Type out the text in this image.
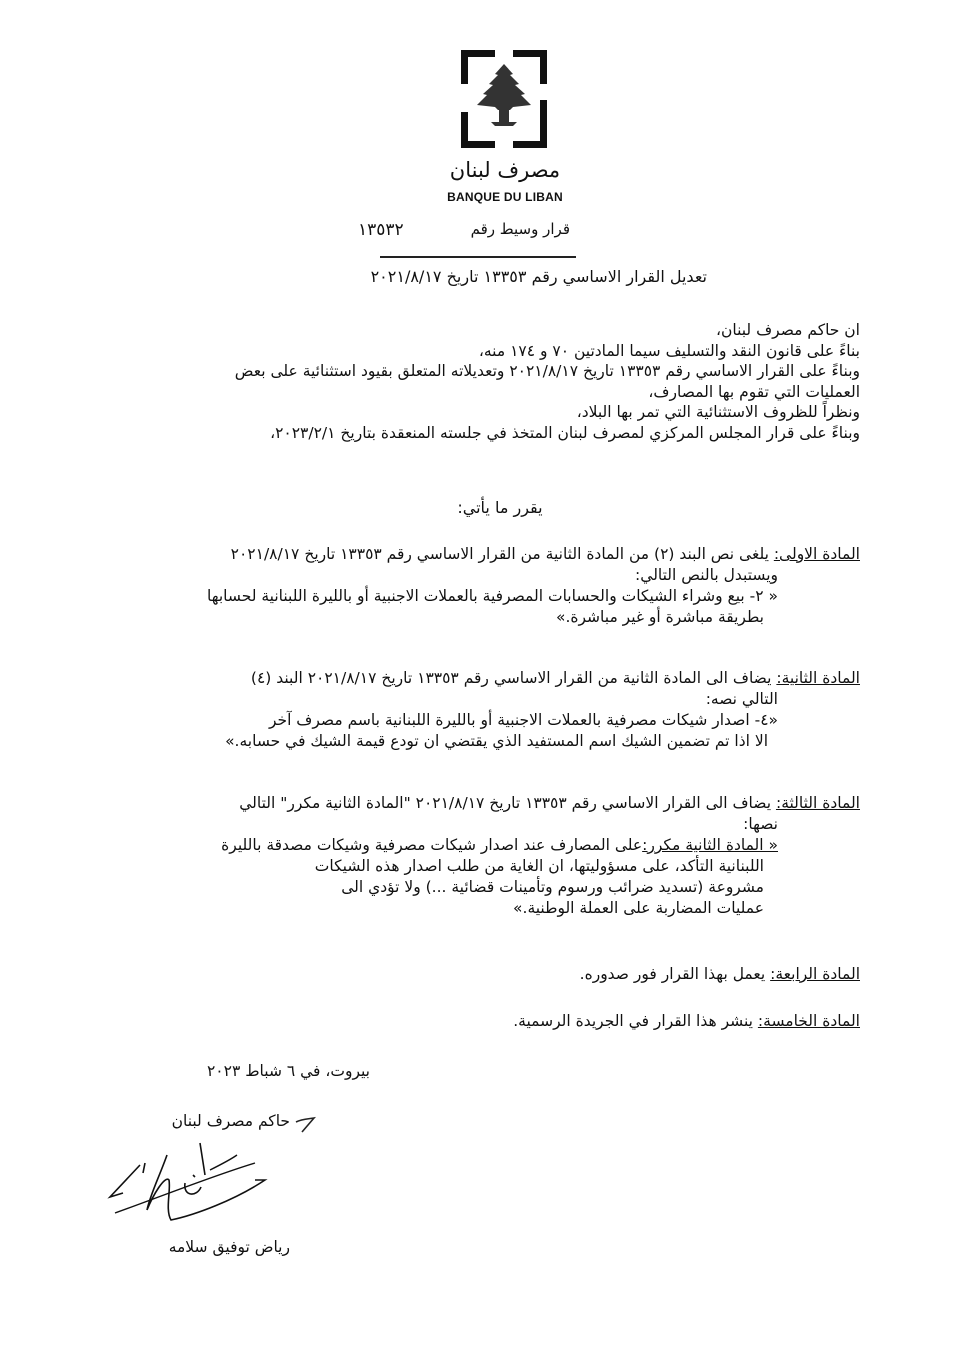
مصرف لبنان
BANQUE DU LIBAN
قرار وسيط رقم
١٣٥٣٢
تعديل القرار الاساسي رقم ١٣٣٥٣ تاريخ ٢٠٢١/٨/١٧
ان حاكم مصرف لبنان،
بناءً على قانون النقد والتسليف سيما المادتين ٧٠ و ١٧٤ منه،
وبناءً على القرار الاساسي رقم ١٣٣٥٣ تاريخ ٢٠٢١/٨/١٧ وتعديلاته المتعلق بقيود استثنائية على بعض
العمليات التي تقوم بها المصارف،
ونظراً للظروف الاستثنائية التي تمر بها البلاد،
وبناءً على قرار المجلس المركزي لمصرف لبنان المتخذ في جلسته المنعقدة بتاريخ ٢٠٢٣/٢/١،
يقرر ما يأتي:
المادة الاولى: يلغى نص البند (٢) من المادة الثانية من القرار الاساسي رقم ١٣٣٥٣ تاريخ ٢٠٢١/٨/١٧
ويستبدل بالنص التالي:
« ٢- بيع وشراء الشيكات والحسابات المصرفية بالعملات الاجنبية أو بالليرة اللبنانية لحسابها
بطريقة مباشرة أو غير مباشرة.»
المادة الثانية: يضاف الى المادة الثانية من القرار الاساسي رقم ١٣٣٥٣ تاريخ ٢٠٢١/٨/١٧ البند (٤)
التالي نصه:
«٤- اصدار شيكات مصرفية بالعملات الاجنبية أو بالليرة اللبنانية باسم مصرف آخر
الا اذا تم تضمين الشيك اسم المستفيد الذي يقتضي ان تودع قيمة الشيك في حسابه.»
المادة الثالثة: يضاف الى القرار الاساسي رقم ١٣٣٥٣ تاريخ ٢٠٢١/٨/١٧ "المادة الثانية مكرر" التالي
نصها:
« المادة الثانية مكرر:على المصارف عند اصدار شيكات مصرفية وشيكات مصدقة بالليرة
اللبنانية التأكد، على مسؤوليتها، ان الغاية من طلب اصدار هذه الشيكات
مشروعة (تسديد ضرائب ورسوم وتأمينات قضائية ...) ولا تؤدي الى
عمليات المضاربة على العملة الوطنية.»
المادة الرابعة: يعمل بهذا القرار فور صدوره.
المادة الخامسة: ينشر هذا القرار في الجريدة الرسمية.
بيروت، في ٦ شباط ٢٠٢٣
حاكم مصرف لبنان
رياض توفيق سلامه
